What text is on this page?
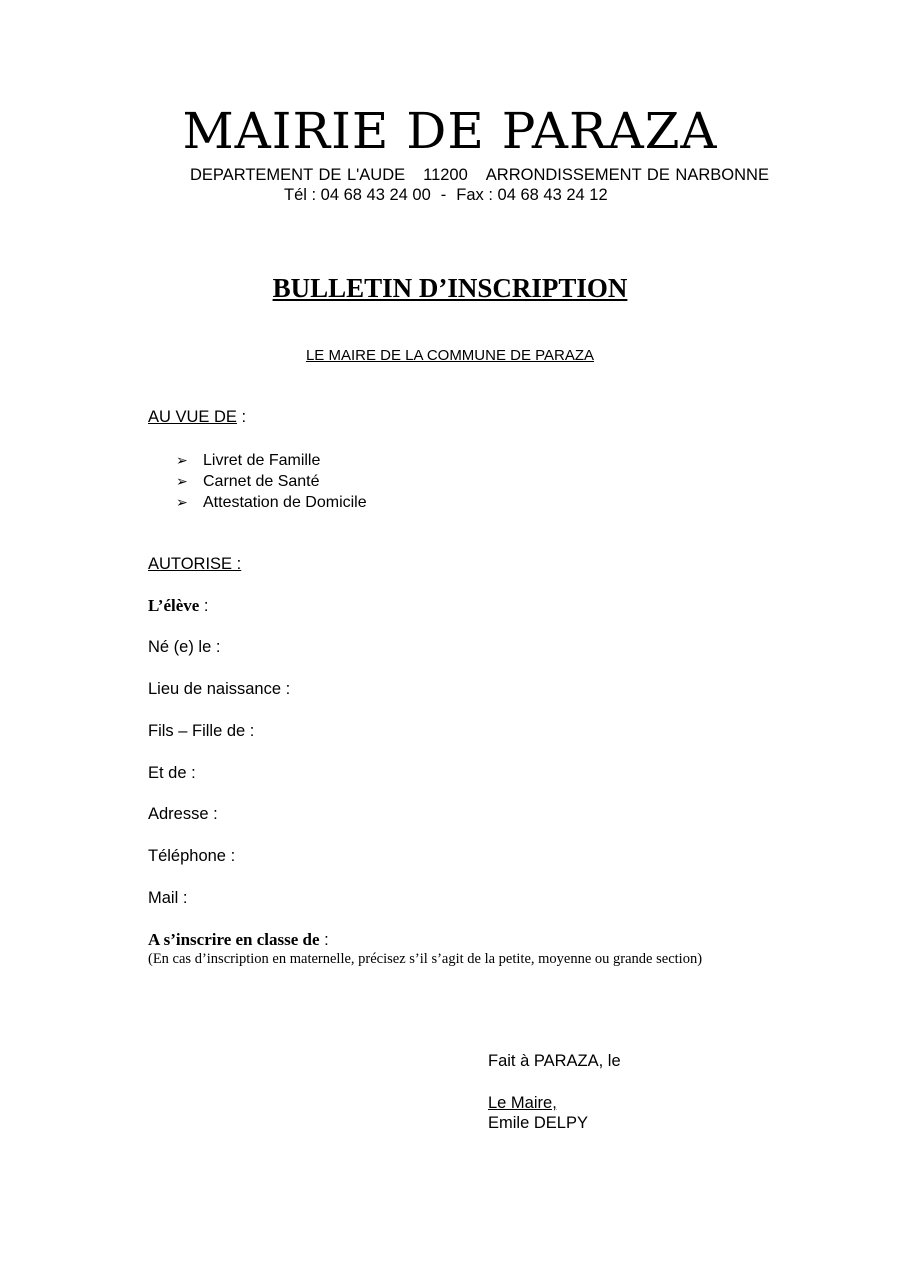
MAIRIE DE PARAZA
DEPARTEMENT DE L'AUDE 11200 ARRONDISSEMENT DE NARBONNE
Tél : 04 68 43 24 00 - Fax : 04 68 43 24 12
BULLETIN D’INSCRIPTION
LE MAIRE DE LA COMMUNE DE PARAZA
AU VUE DE :
➢ Livret de Famille
➢ Carnet de Santé
➢ Attestation de Domicile
AUTORISE :
L’élève :
Né (e) le :
Lieu de naissance :
Fils – Fille de :
Et de :
Adresse :
Téléphone :
Mail :
A s’inscrire en classe de :
(En cas d’inscription en maternelle, précisez s’il s’agit de la petite, moyenne ou grande section)
Fait à PARAZA, le
Le Maire,
Emile DELPY
